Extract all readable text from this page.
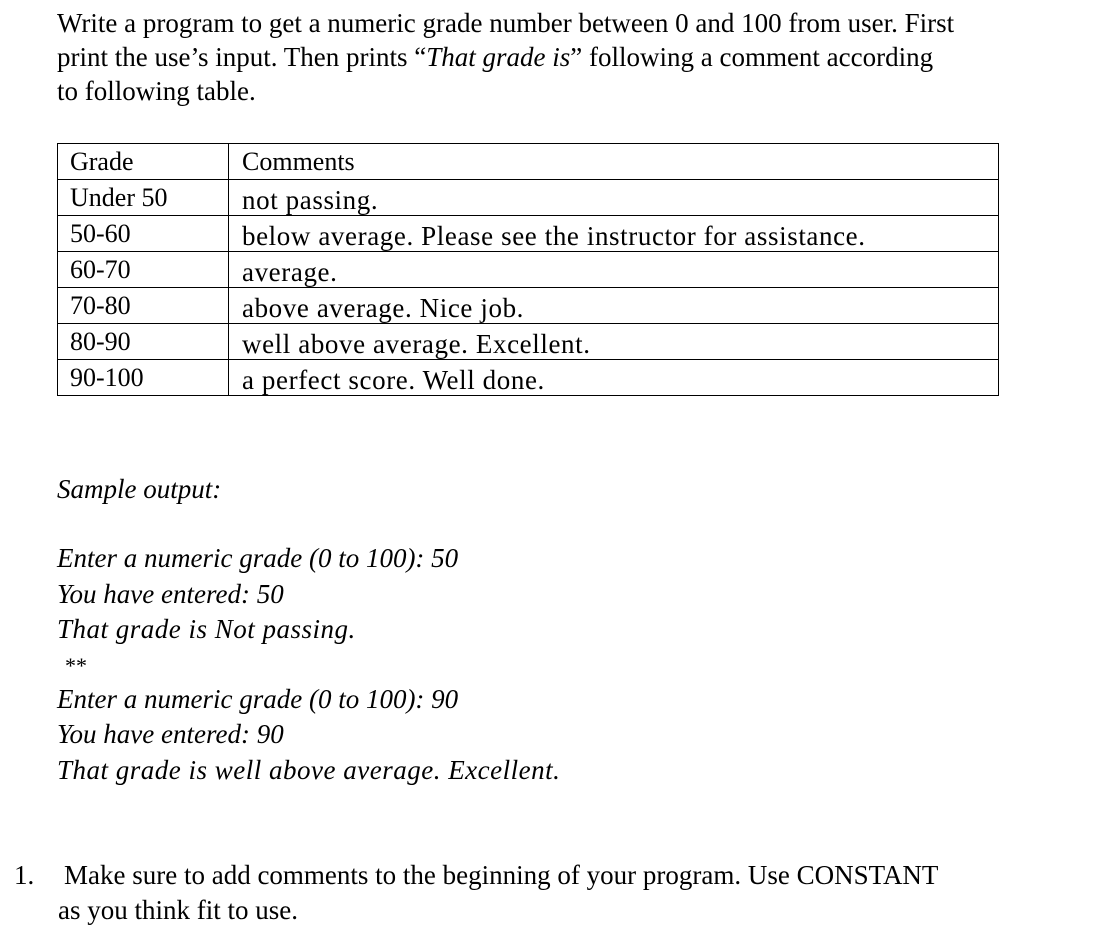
Write a program to get a numeric grade number between 0 and 100 from user. First
print the use’s input. Then prints “That grade is” following a comment according
to following table.
Grade	Comments
Under 50	not passing.
50-60	below average. Please see the instructor for assistance.
60-70	average.
70-80	above average. Nice job.
80-90	well above average. Excellent.
90-100	a perfect score. Well done.

Sample output:

Enter a numeric grade (0 to 100): 50
You have entered: 50
That grade is Not passing.
**
Enter a numeric grade (0 to 100): 90
You have entered: 90
That grade is well above average. Excellent.
1. Make sure to add comments to the beginning of your program. Use CONSTANT
as you think fit to use.
